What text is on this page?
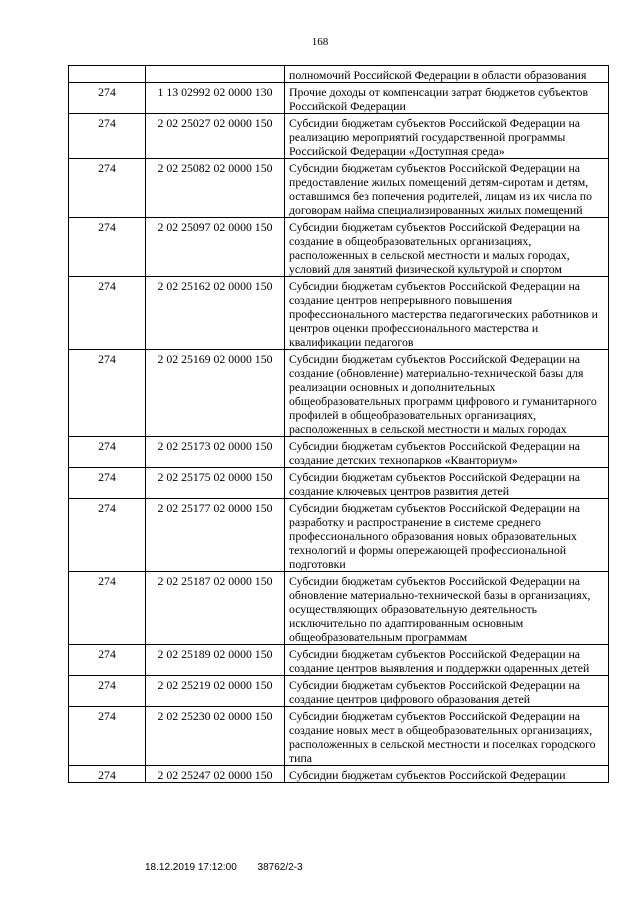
168
		полномочий Российской Федерации в области образования
274	1 13 02992 02 0000 130	Прочие доходы от компенсации затрат бюджетов субъектов Российской Федерации
274	2 02 25027 02 0000 150	Субсидии бюджетам субъектов Российской Федерации на реализацию мероприятий государственной программы Российской Федерации «Доступная среда»
274	2 02 25082 02 0000 150	Субсидии бюджетам субъектов Российской Федерации на предоставление жилых помещений детям-сиротам и детям, оставшимся без попечения родителей, лицам из их числа по договорам найма специализированных жилых помещений
274	2 02 25097 02 0000 150	Субсидии бюджетам субъектов Российской Федерации на создание в общеобразовательных организациях, расположенных в сельской местности и малых городах, условий для занятий физической культурой и спортом
274	2 02 25162 02 0000 150	Субсидии бюджетам субъектов Российской Федерации на создание центров непрерывного повышения профессионального мастерства педагогических работников и центров оценки профессионального мастерства и квалификации педагогов
274	2 02 25169 02 0000 150	Субсидии бюджетам субъектов Российской Федерации на создание (обновление) материально-технической базы для реализации основных и дополнительных общеобразовательных программ цифрового и гуманитарного профилей в общеобразовательных организациях, расположенных в сельской местности и малых городах
274	2 02 25173 02 0000 150	Субсидии бюджетам субъектов Российской Федерации на создание детских технопарков «Кванториум»
274	2 02 25175 02 0000 150	Субсидии бюджетам субъектов Российской Федерации на создание ключевых центров развития детей
274	2 02 25177 02 0000 150	Субсидии бюджетам субъектов Российской Федерации на разработку и распространение в системе среднего профессионального образования новых образовательных технологий и формы опережающей профессиональной подготовки
274	2 02 25187 02 0000 150	Субсидии бюджетам субъектов Российской Федерации на обновление материально-технической базы в организациях, осуществляющих образовательную деятельность исключительно по адаптированным основным общеобразовательным программам
274	2 02 25189 02 0000 150	Субсидии бюджетам субъектов Российской Федерации на создание центров выявления и поддержки одаренных детей
274	2 02 25219 02 0000 150	Субсидии бюджетам субъектов Российской Федерации на создание центров цифрового образования детей
274	2 02 25230 02 0000 150	Субсидии бюджетам субъектов Российской Федерации на создание новых мест в общеобразовательных организациях, расположенных в сельской местности и поселках городского типа
274	2 02 25247 02 0000 150	Субсидии бюджетам субъектов Российской Федерации
18.12.2019 17:12:00 38762/2-3
